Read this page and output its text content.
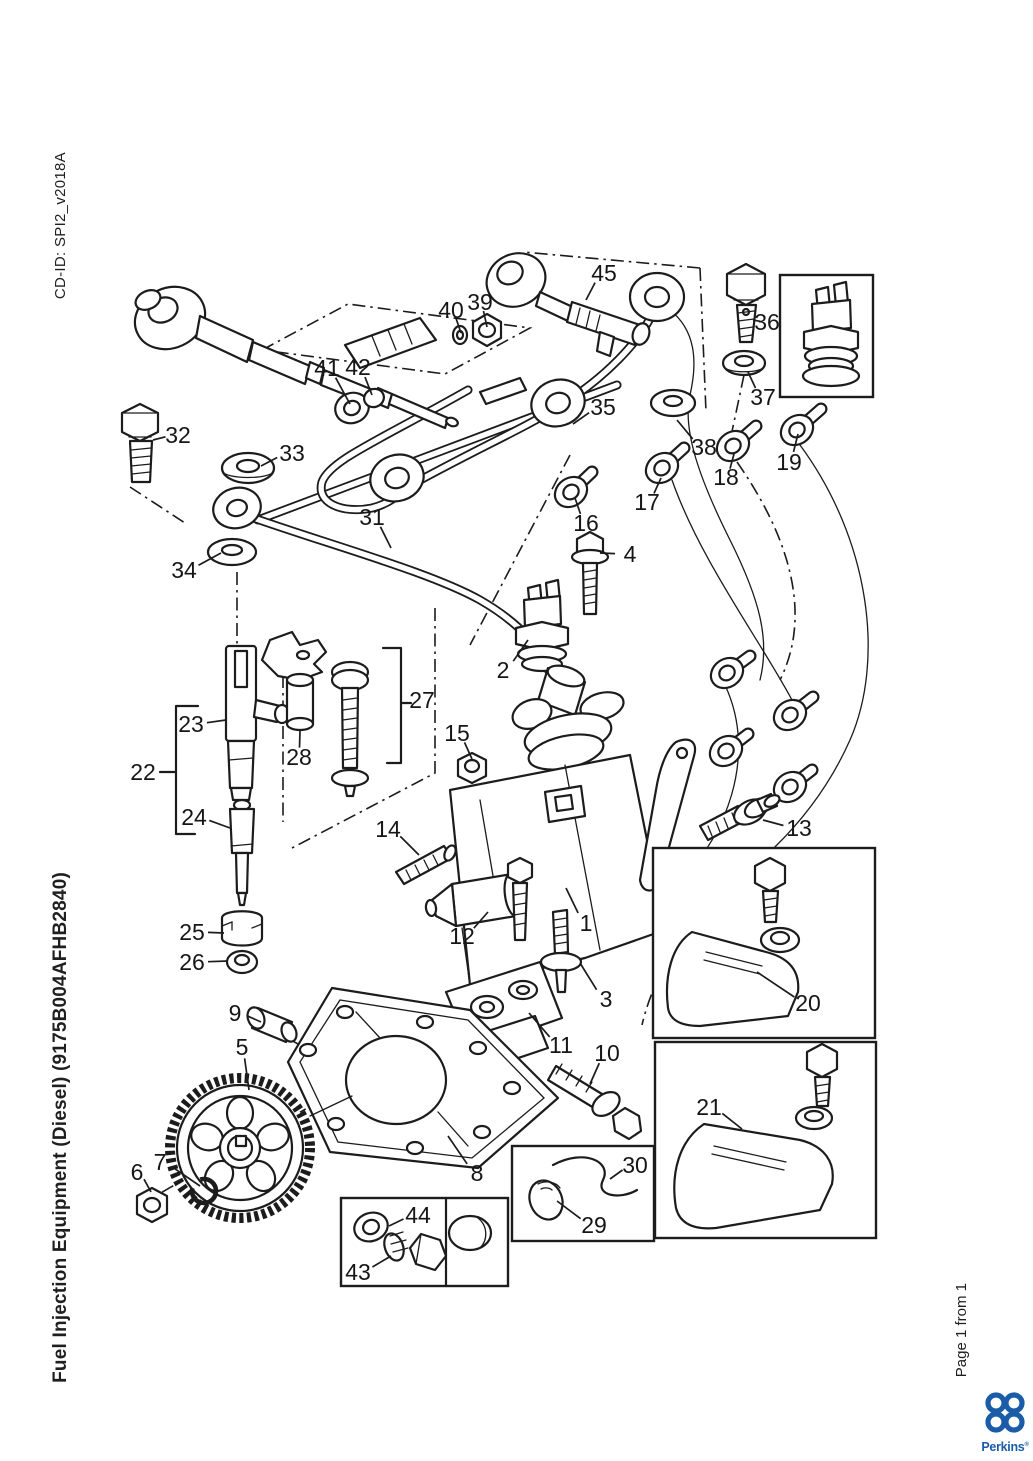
CD-ID: SPI2_v2018A
Fuel Injection Equipment (Diesel) (9175B004AFHB2840)	Page 1 from 1
Perkins®
1
2
3
4
5
6 7	8
9
10
11
12
13
14
15
16
17
18
19
20
21
22
23
24
25
26
27
28
29
30
31
32
33
34
35
36
37
38
39
40
41 42
43
44
45
